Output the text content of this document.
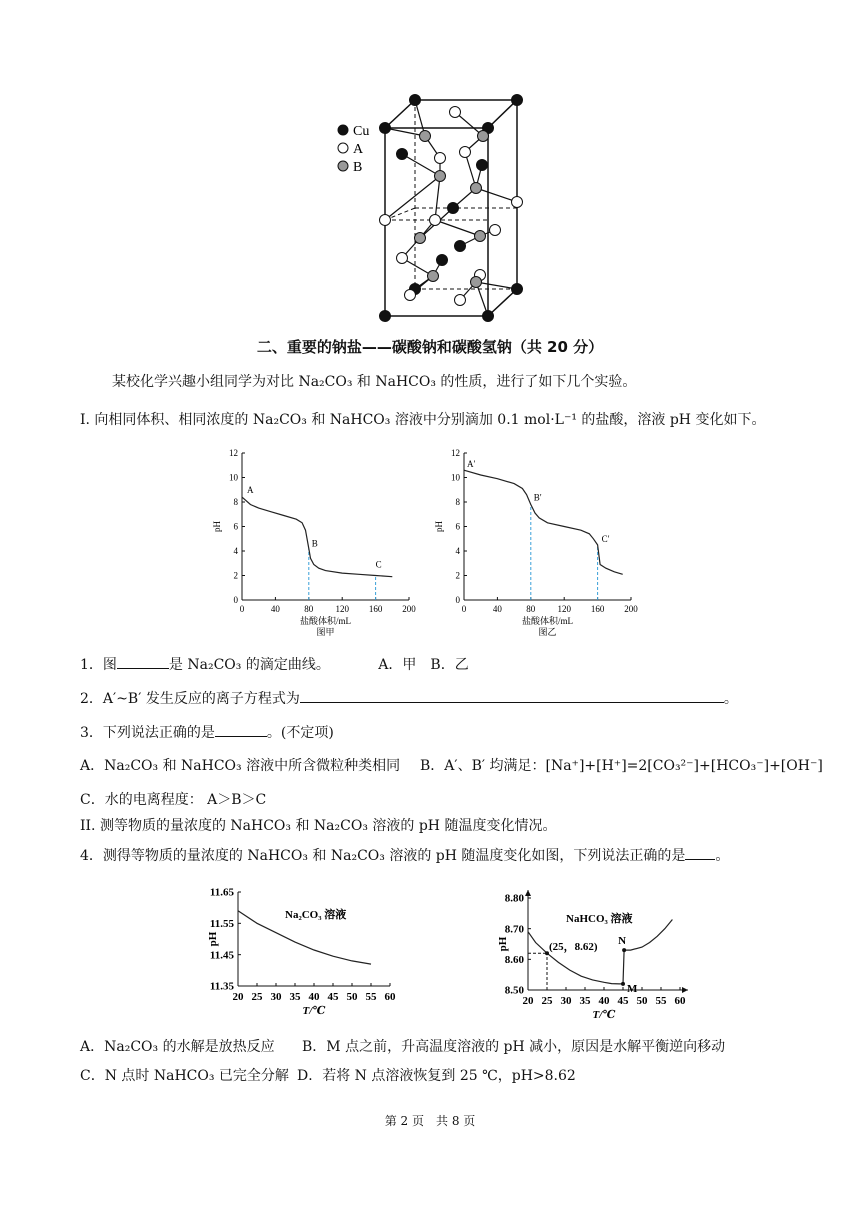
Cu
A
B
二、重要的钠盐——碳酸钠和碳酸氢钠（共 20 分）
某校化学兴趣小组同学为对比 Na₂CO₃ 和 NaHCO₃ 的性质，进行了如下几个实验。
I. 向相同体积、相同浓度的 Na₂CO₃ 和 NaHCO₃ 溶液中分别滴加 0.1 mol·L⁻¹ 的盐酸，溶液 pH 变化如下。
0	40	80 120 160 200
0
2
4
6
8
10
12
A
B
C
pH
盐酸体积/mL
图甲
0	40	80 120 160 200
0
2
4
6
8
10
12
A′
B′
C′
pH
盐酸体积/mL
图乙
1．图	是 Na₂CO₃ 的滴定曲线。	A．甲　B．乙
2．A′~B′ 发生反应的离子方程式为	。
3．下列说法正确的是	。(不定项)
A．Na₂CO₃ 和 NaHCO₃ 溶液中所含微粒种类相同 B．A′、B′ 均满足：[Na⁺]+[H⁺]=2[CO₃²⁻]+[HCO₃⁻]+[OH⁻]
C．水的电离程度： A＞B＞C
II. 测等物质的量浓度的 NaHCO₃ 和 Na₂CO₃ 溶液的 pH 随温度变化情况。
4．测得等物质的量浓度的 NaHCO₃ 和 Na₂CO₃ 溶液的 pH 随温度变化如图，下列说法正确的是 。
20 25 30 35 40 45 50 55 60
11.35
11.45
11.55
11.65
pH
T/℃
Na₂CO₃ 溶液
20 25 30 35 40 45 50 55 60
8.50
8.60
8.70
8.80
(25，8.62)
M
N
pH
T/℃
NaHCO₃ 溶液
A．Na₂CO₃ 的水解是放热反应 B．M 点之前，升高温度溶液的 pH 减小，原因是水解平衡逆向移动
C．N 点时 NaHCO₃ 已完全分解 D．若将 N 点溶液恢复到 25 ℃，pH>8.62
第 2 页　共 8 页
